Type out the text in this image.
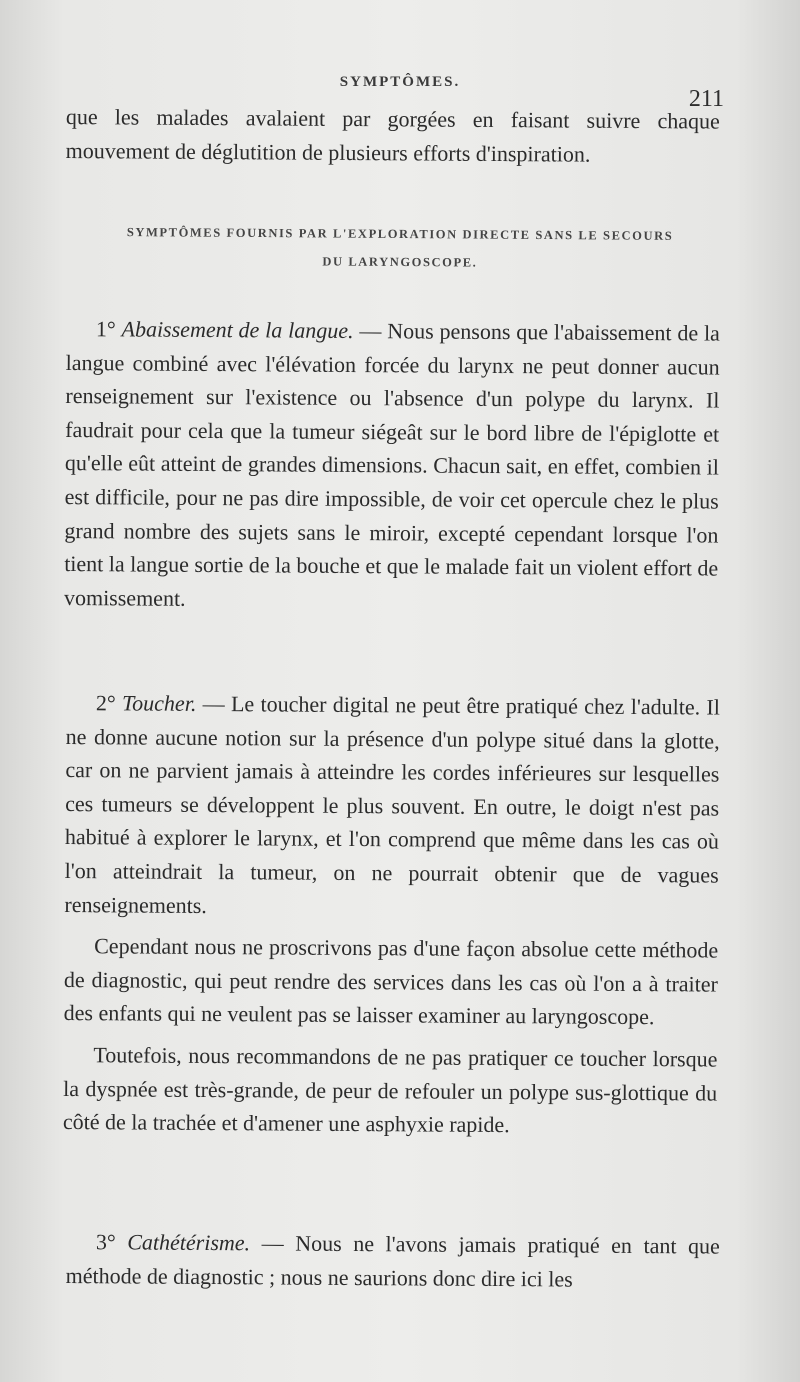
SYMPTÔMES.
211

que les malades avalaient par gorgées en faisant suivre chaque mouvement de déglutition de plusieurs efforts d'inspiration.

SYMPTÔMES FOURNIS PAR L'EXPLORATION DIRECTE SANS LE SECOURS
DU LARYNGOSCOPE.

1° Abaissement de la langue. — Nous pensons que l'abaissement de la langue combiné avec l'élévation forcée du larynx ne peut donner aucun renseignement sur l'existence ou l'absence d'un polype du larynx. Il faudrait pour cela que la tumeur siégeât sur le bord libre de l'épiglotte et qu'elle eût atteint de grandes dimensions. Chacun sait, en effet, combien il est difficile, pour ne pas dire impossible, de voir cet opercule chez le plus grand nombre des sujets sans le miroir, excepté cependant lorsque l'on tient la langue sortie de la bouche et que le malade fait un violent effort de vomissement.

2° Toucher. — Le toucher digital ne peut être pratiqué chez l'adulte. Il ne donne aucune notion sur la présence d'un polype situé dans la glotte, car on ne parvient jamais à atteindre les cordes inférieures sur lesquelles ces tumeurs se développent le plus souvent. En outre, le doigt n'est pas habitué à explorer le larynx, et l'on comprend que même dans les cas où l'on atteindrait la tumeur, on ne pourrait obtenir que de vagues renseignements.

Cependant nous ne proscrivons pas d'une façon absolue cette méthode de diagnostic, qui peut rendre des services dans les cas où l'on a à traiter des enfants qui ne veulent pas se laisser examiner au laryngoscope.

Toutefois, nous recommandons de ne pas pratiquer ce toucher lorsque la dyspnée est très-grande, de peur de refouler un polype sus-glottique du côté de la trachée et d'amener une asphyxie rapide.

3° Cathétérisme. — Nous ne l'avons jamais pratiqué en tant que méthode de diagnostic ; nous ne saurions donc dire ici les
